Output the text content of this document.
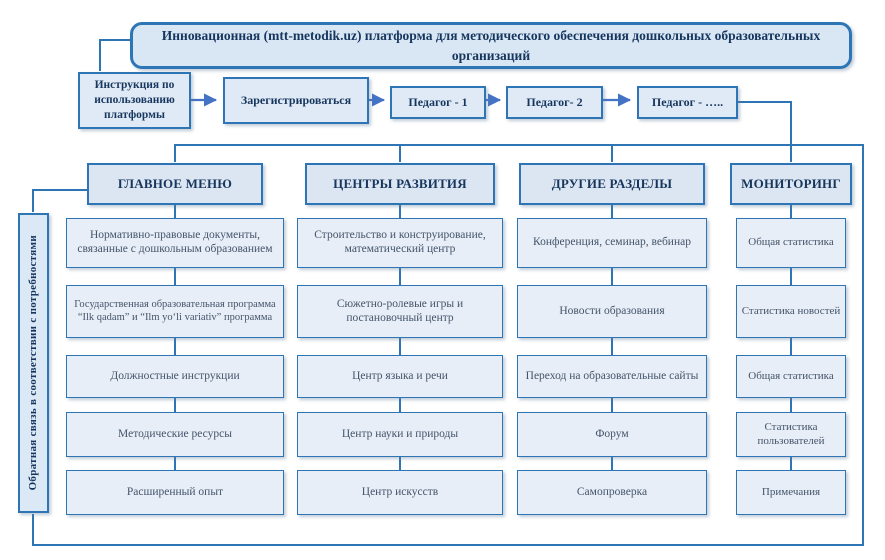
Инновационная (mtt-metodik.uz) платформа для методического обеспечения дошкольных образовательных организаций
Инструкция по использованию платформы
Зарегистрироваться	Педагог - 1	Педагог- 2	Педагог - …..
Обратная связь в соответствии с потребностями
ГЛАВНОЕ МЕНЮ	ЦЕНТРЫ РАЗВИТИЯ	ДРУГИЕ РАЗДЕЛЫ	МОНИТОРИНГ
Нормативно-правовые документы, связанные с дошкольным образованием
Государственная образовательная программа “Ilk qadam” и “Ilm yo‘li variativ” программа
Должностные инструкции
Методические ресурсы
Расширенный опыт
Строительство и конструирование, математический центр
Сюжетно-ролевые игры и постановочный центр
Центр языка и речи
Центр науки и природы
Центр искусств
Конференция, семинар, вебинар
Новости образования
Переход на образовательные сайты
Форум
Самопроверка
Общая статистика
Статистика новостей
Общая статистика
Статистика пользователей
Примечания
